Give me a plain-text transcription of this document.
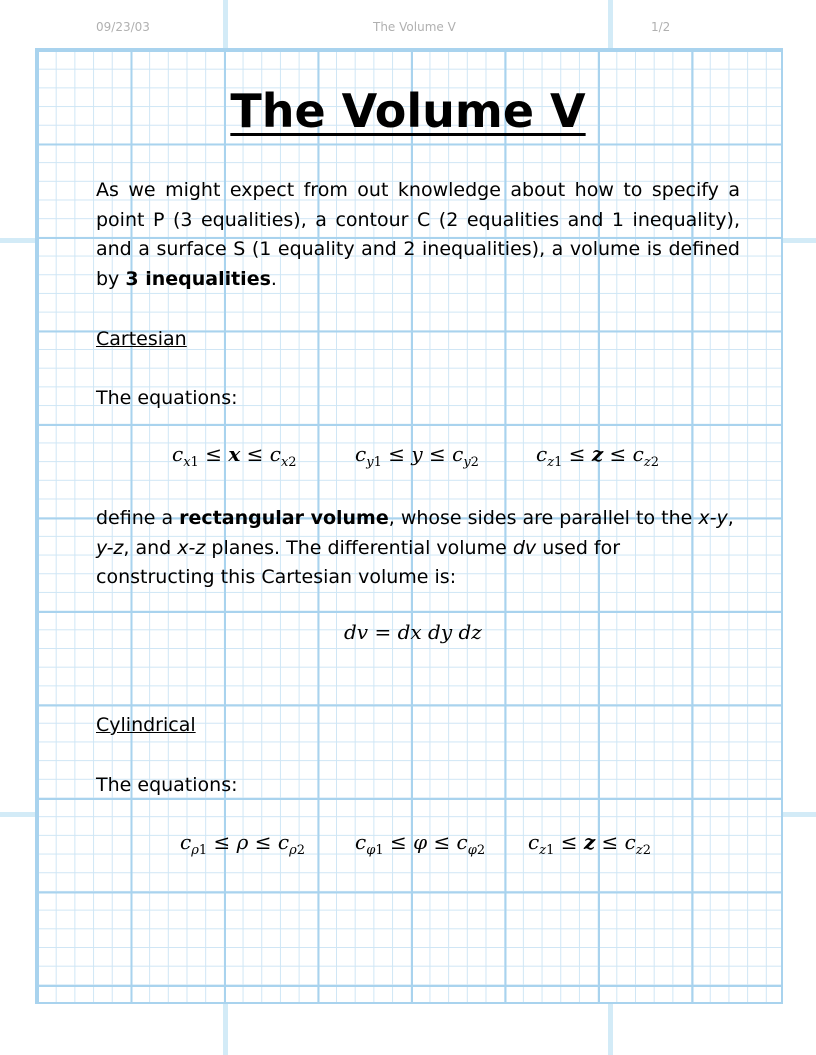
09/23/03	The Volume V	1/2
The Volume V
As we might expect from out knowledge about how to specify a point P (3 equalities), a contour C (2 equalities and 1 inequality), and a surface S (1 equality and 2 inequalities), a volume is defined by 3 inequalities.
Cartesian
The equations:
$c_{x1} \le x \le c_{x2}$	$c_{y1} \le y \le c_{y2}$	$c_{z1} \le z \le c_{z2}$
define a rectangular volume, whose sides are parallel to the x-y, y-z, and x-z planes. The differential volume dv used for constructing this Cartesian volume is:
dv = dx dy dz
Cylindrical
The equations:
$c_{\rho 1} \le \rho \le c_{\rho 2}$ $c_{\varphi 1} \le \varphi \le c_{\varphi 2}$ $c_{z1} \le z \le c_{z2}$
